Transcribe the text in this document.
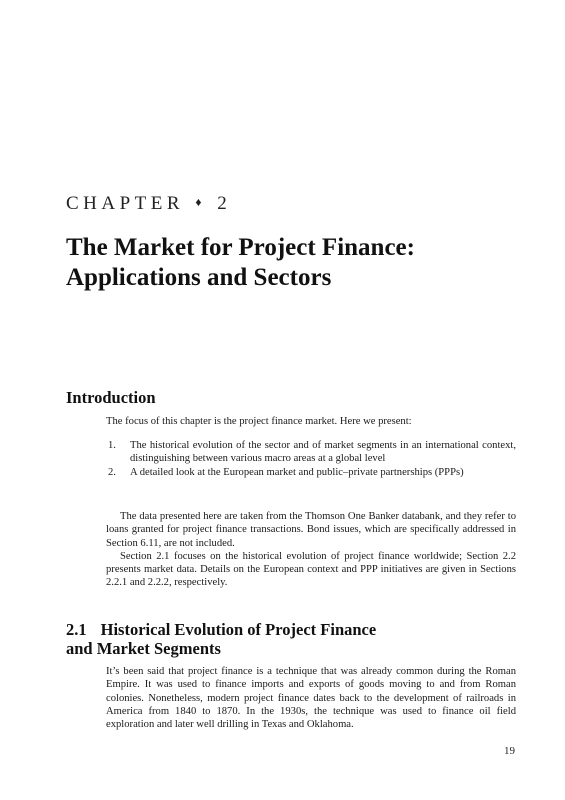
CHAPTER ♦ 2
The Market for Project Finance:
Applications and Sectors
Introduction

The focus of this chapter is the project finance market. Here we present:

1.	The historical evolution of the sector and of market segments in an international context, distinguishing between various macro areas at a global level
2.	A detailed look at the European market and public–private partnerships (PPPs)

The data presented here are taken from the Thomson One Banker databank, and they refer to loans granted for project finance transactions. Bond issues, which are specifically addressed in Section 6.11, are not included.

Section 2.1 focuses on the historical evolution of project finance worldwide; Section 2.2 presents market data. Details on the European context and PPP initiatives are given in Sections 2.2.1 and 2.2.2, respectively.

2.1 Historical Evolution of Project Finance
and Market Segments

It’s been said that project finance is a technique that was already common during the Roman Empire. It was used to finance imports and exports of goods moving to and from Roman colonies. Nonetheless, modern project finance dates back to the development of railroads in America from 1840 to 1870. In the 1930s, the technique was used to finance oil field exploration and later well drilling in Texas and Oklahoma.

19
